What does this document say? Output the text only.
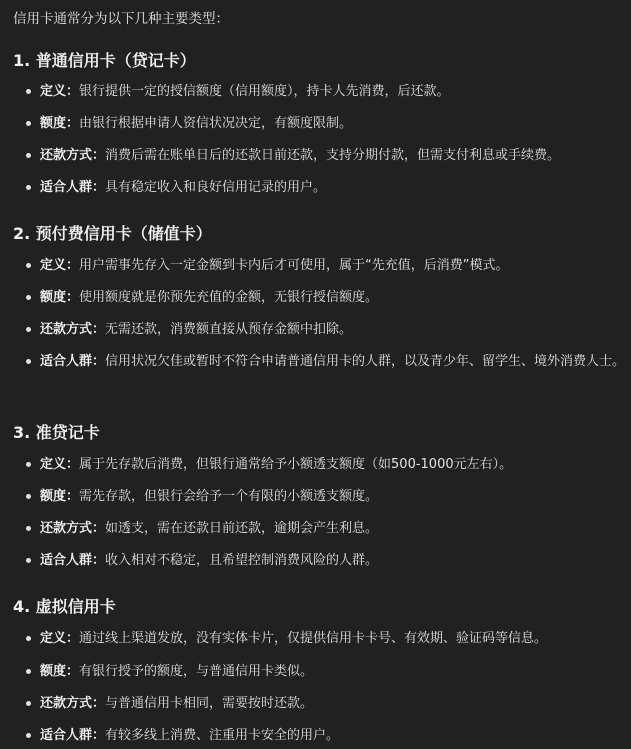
信用卡通常分为以下几种主要类型：
1. 普通信用卡（贷记卡）
定义：银行提供一定的授信额度（信用额度），持卡人先消费，后还款。
额度：由银行根据申请人资信状况决定，有额度限制。
还款方式：消费后需在账单日后的还款日前还款，支持分期付款，但需支付利息或手续费。
适合人群：具有稳定收入和良好信用记录的用户。
2. 预付费信用卡（储值卡）
定义：用户需事先存入一定金额到卡内后才可使用，属于“先充值，后消费”模式。
额度：使用额度就是你预先充值的金额，无银行授信额度。
还款方式：无需还款，消费额直接从预存金额中扣除。
适合人群：信用状况欠佳或暂时不符合申请普通信用卡的人群，以及青少年、留学生、境外消费人士。
3. 准贷记卡
定义：属于先存款后消费，但银行通常给予小额透支额度（如500-1000元左右）。
额度：需先存款，但银行会给予一个有限的小额透支额度。
还款方式：如透支，需在还款日前还款，逾期会产生利息。
适合人群：收入相对不稳定，且希望控制消费风险的人群。
4. 虚拟信用卡
定义：通过线上渠道发放，没有实体卡片，仅提供信用卡卡号、有效期、验证码等信息。
额度：有银行授予的额度，与普通信用卡类似。
还款方式：与普通信用卡相同，需要按时还款。
适合人群：有较多线上消费、注重用卡安全的用户。
